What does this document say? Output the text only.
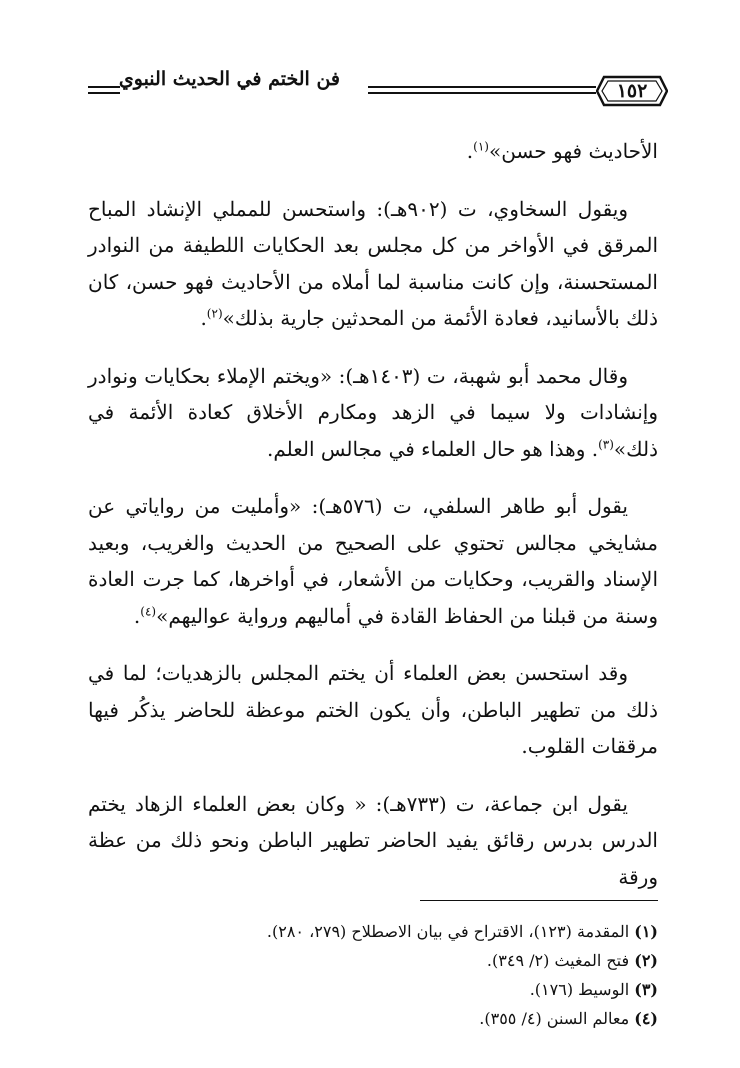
فن الختم في الحديث النبوي
١٥٢

الأحاديث فهو حسن»$^{(١)}$.

ويقول السخاوي، ت (٩٠٢هـ): واستحسن للمملي الإنشاد المباح المرقق في الأواخر من كل مجلس بعد الحكايات اللطيفة من النوادر المستحسنة، وإن كانت مناسبة لما أملاه من الأحاديث فهو حسن، كان ذلك بالأسانيد، فعادة الأئمة من المحدثين جارية بذلك»$^{(٢)}$.

وقال محمد أبو شهبة، ت (١٤٠٣هـ): «ويختم الإملاء بحكايات ونوادر وإنشادات ولا سيما في الزهد ومكارم الأخلاق كعادة الأئمة في ذلك»$^{(٣)}$. وهذا هو حال العلماء في مجالس العلم.

يقول أبو طاهر السلفي، ت (٥٧٦هـ): «وأمليت من رواياتي عن مشايخي مجالس تحتوي على الصحيح من الحديث والغريب، وبعيد الإسناد والقريب، وحكايات من الأشعار، في أواخرها، كما جرت العادة وسنة من قبلنا من الحفاظ القادة في أماليهم ورواية عواليهم»$^{(٤)}$.

وقد استحسن بعض العلماء أن يختم المجلس بالزهديات؛ لما في ذلك من تطهير الباطن، وأن يكون الختم موعظة للحاضر يذكُر فيها مرققات القلوب.

يقول ابن جماعة، ت (٧٣٣هـ): « وكان بعض العلماء الزهاد يختم الدرس بدرس رقائق يفيد الحاضر تطهير الباطن ونحو ذلك من عظة ورقة

(١) المقدمة (١٢٣)، الاقتراح في بيان الاصطلاح (٢٧٩، ٢٨٠).
(٢) فتح المغيث (٢/ ٣٤٩).
(٣) الوسيط (١٧٦).
(٤) معالم السنن (٤/ ٣٥٥).
